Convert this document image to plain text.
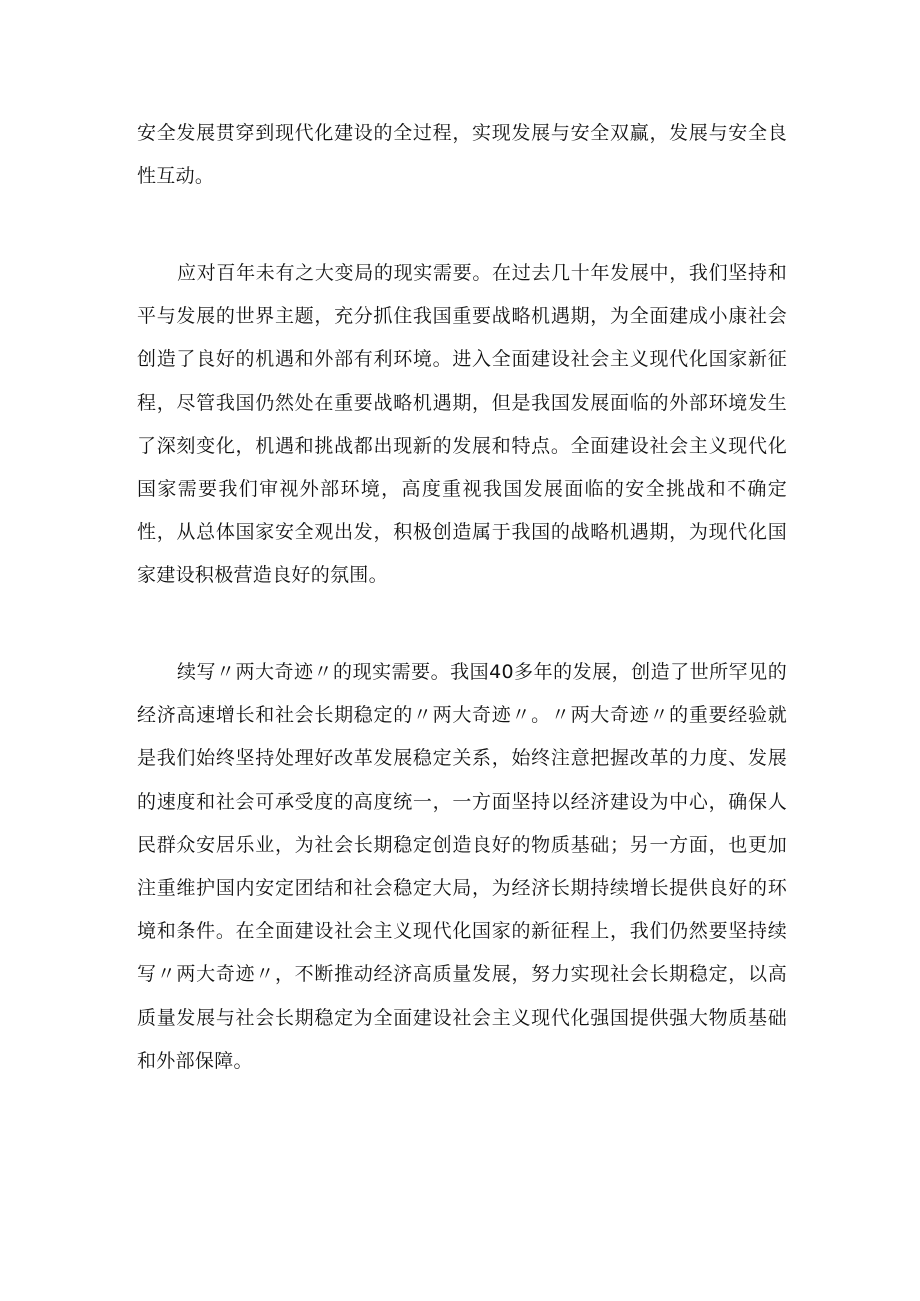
安全发展贯穿到现代化建设的全过程，实现发展与安全双赢，发展与安全良性互动。

应对百年未有之大变局的现实需要。在过去几十年发展中，我们坚持和平与发展的世界主题，充分抓住我国重要战略机遇期，为全面建成小康社会创造了良好的机遇和外部有利环境。进入全面建设社会主义现代化国家新征程，尽管我国仍然处在重要战略机遇期，但是我国发展面临的外部环境发生了深刻变化，机遇和挑战都出现新的发展和特点。全面建设社会主义现代化国家需要我们审视外部环境，高度重视我国发展面临的安全挑战和不确定性，从总体国家安全观出发，积极创造属于我国的战略机遇期，为现代化国家建设积极营造良好的氛围。

续写〃两大奇迹〃的现实需要。我国40多年的发展，创造了世所罕见的经济高速增长和社会长期稳定的〃两大奇迹〃。〃两大奇迹〃的重要经验就是我们始终坚持处理好改革发展稳定关系，始终注意把握改革的力度、发展的速度和社会可承受度的高度统一，一方面坚持以经济建设为中心，确保人民群众安居乐业，为社会长期稳定创造良好的物质基础；另一方面，也更加注重维护国内安定团结和社会稳定大局，为经济长期持续增长提供良好的环境和条件。在全面建设社会主义现代化国家的新征程上，我们仍然要坚持续写〃两大奇迹〃，不断推动经济高质量发展，努力实现社会长期稳定，以高质量发展与社会长期稳定为全面建设社会主义现代化强国提供强大物质基础和外部保障。
